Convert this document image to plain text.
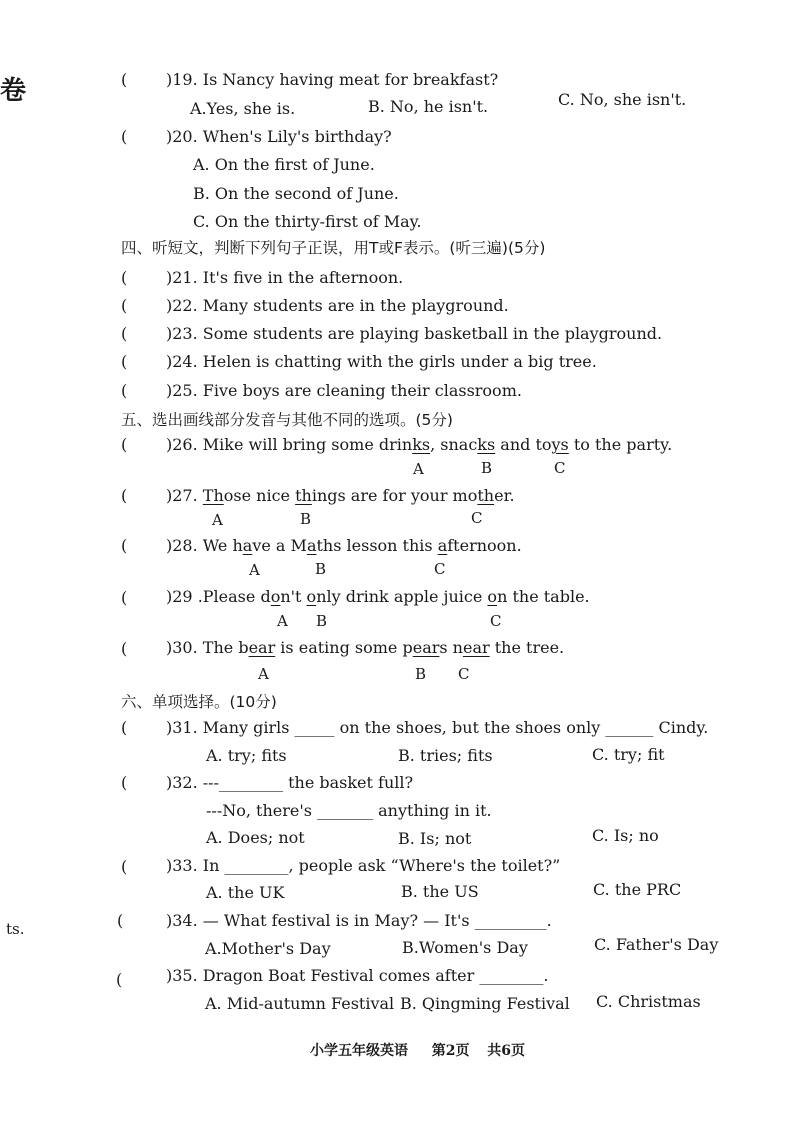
卷
ts.
( )19. Is Nancy having meat for breakfast?
A.Yes, she is.	B. No, he isn't.	C. No, she isn't.
( )20. When's Lily's birthday?
A. On the first of June.
B. On the second of June.
C. On the thirty-first of May.
四、听短文，判断下列句子正误，用T或F表示。(听三遍)(5分)
( )21. It's five in the afternoon.
( )22. Many students are in the playground.
( )23. Some students are playing basketball in the playground.
( )24. Helen is chatting with the girls under a big tree.
( )25. Five boys are cleaning their classroom.
五、选出画线部分发音与其他不同的选项。(5分)
( )26. Mike will bring some drinks, snacks and toys to the party.
A	B	C
( )27. Those nice things are for your mother.
A	B	C
( )28. We have a Maths lesson this afternoon.
A	B	C
( )29 .Please don't only drink apple juice on the table.
A B	C
( )30. The bear is eating some pears near the tree.
A	B C
六、单项选择。(10分)
( )31. Many girls _____ on the shoes, but the shoes only ______ Cindy.
A. try; fits	B. tries; fits	C. try; fit
( )32. ---________ the basket full?
---No, there's _______ anything in it.
A. Does; not	B. Is; not	C. Is; no
( )33. In ________, people ask “Where's the toilet?”
A. the UK	B. the US	C. the PRC
(	)34. — What festival is in May? — It's _________.
A.Mother's Day	B.Women's Day	C. Father's Day
(	)35. Dragon Boat Festival comes after ________.
A. Mid-autumn Festival B. Qingming Festival C. Christmas
小学五年级英语 第2页 共6页
